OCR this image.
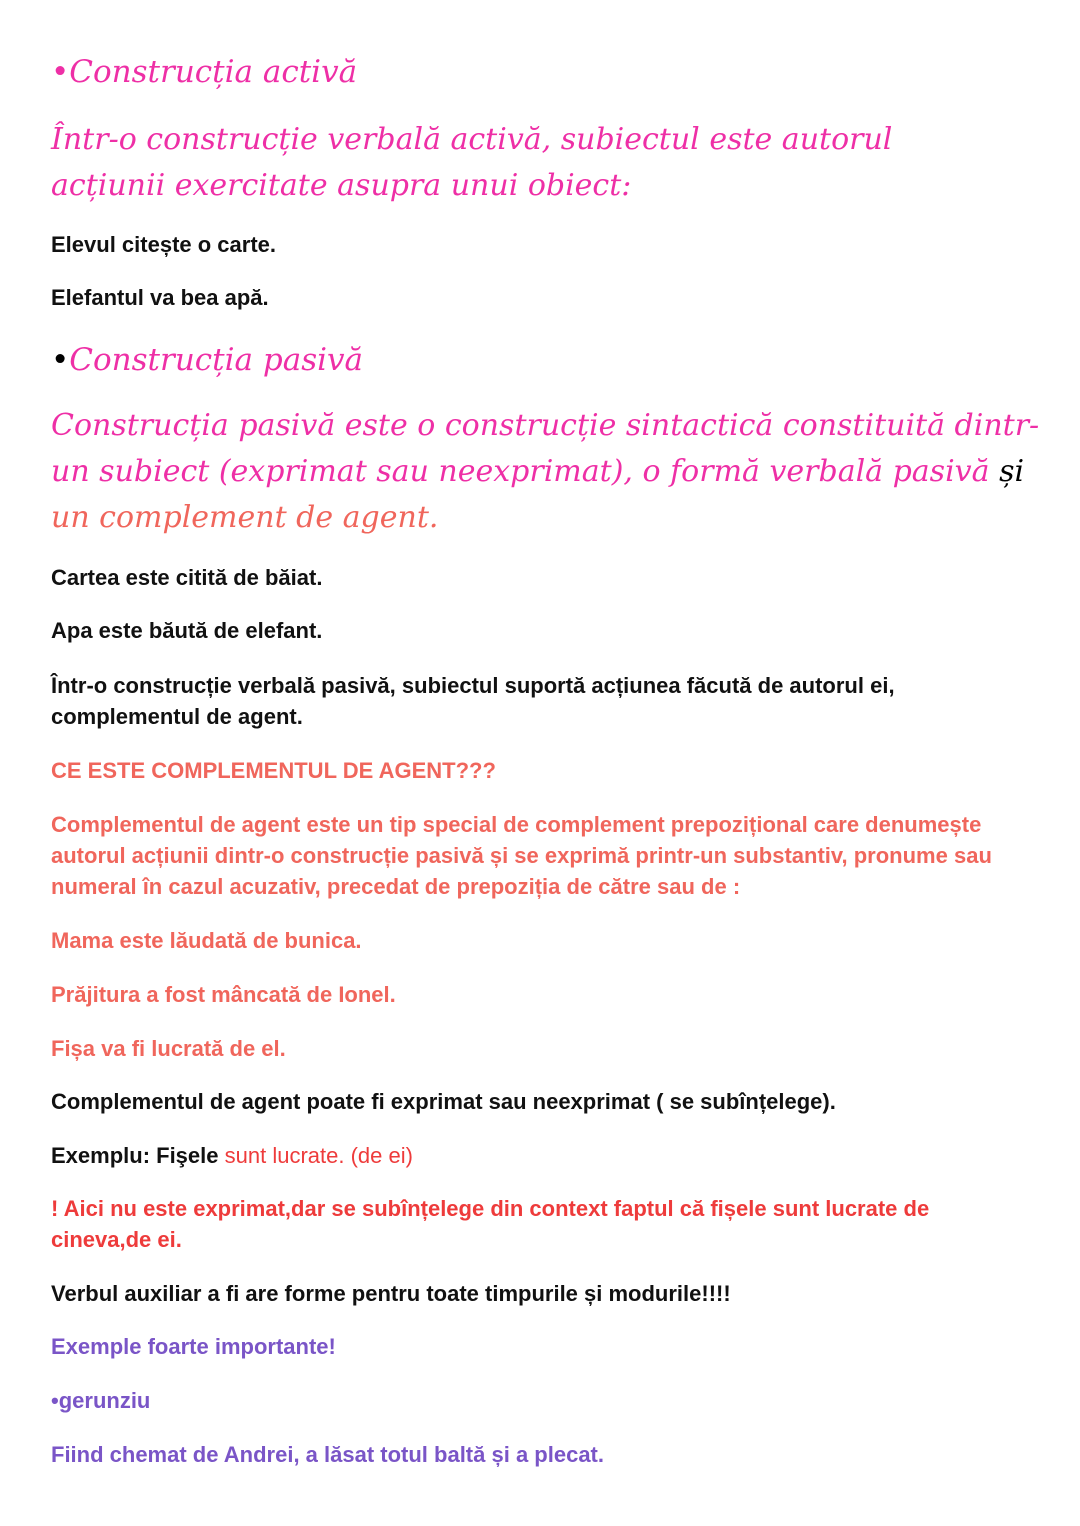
•Construcția activă
Într-o construcție verbală activă, subiectul este autorul acțiunii exercitate asupra unui obiect:
Elevul citește o carte.
Elefantul va bea apă.
•Construcția pasivă
Construcția pasivă este o construcție sintactică constituită dintr-un subiect (exprimat sau neexprimat), o formă verbală pasivă și un complement de agent.
Cartea este citită de băiat.
Apa este băută de elefant.
Într-o construcție verbală pasivă, subiectul suportă acțiunea făcută de autorul ei, complementul de agent.
CE ESTE COMPLEMENTUL DE AGENT???
Complementul de agent este un tip special de complement prepozițional care denumește autorul acțiunii dintr-o construcție pasivă și se exprimă printr-un substantiv, pronume sau numeral în cazul acuzativ, precedat de prepoziția de către sau de :
Mama este lăudată de bunica.
Prăjitura a fost mâncată de Ionel.
Fișa va fi lucrată de el.
Complementul de agent poate fi exprimat sau neexprimat ( se subînțelege).
Exemplu: Fişele sunt lucrate. (de ei)
! Aici nu este exprimat,dar se subînțelege din context faptul că fișele sunt lucrate de cineva,de ei.
Verbul auxiliar a fi are forme pentru toate timpurile și modurile!!!!
Exemple foarte importante!
•gerunziu
Fiind chemat de Andrei, a lăsat totul baltă și a plecat.
